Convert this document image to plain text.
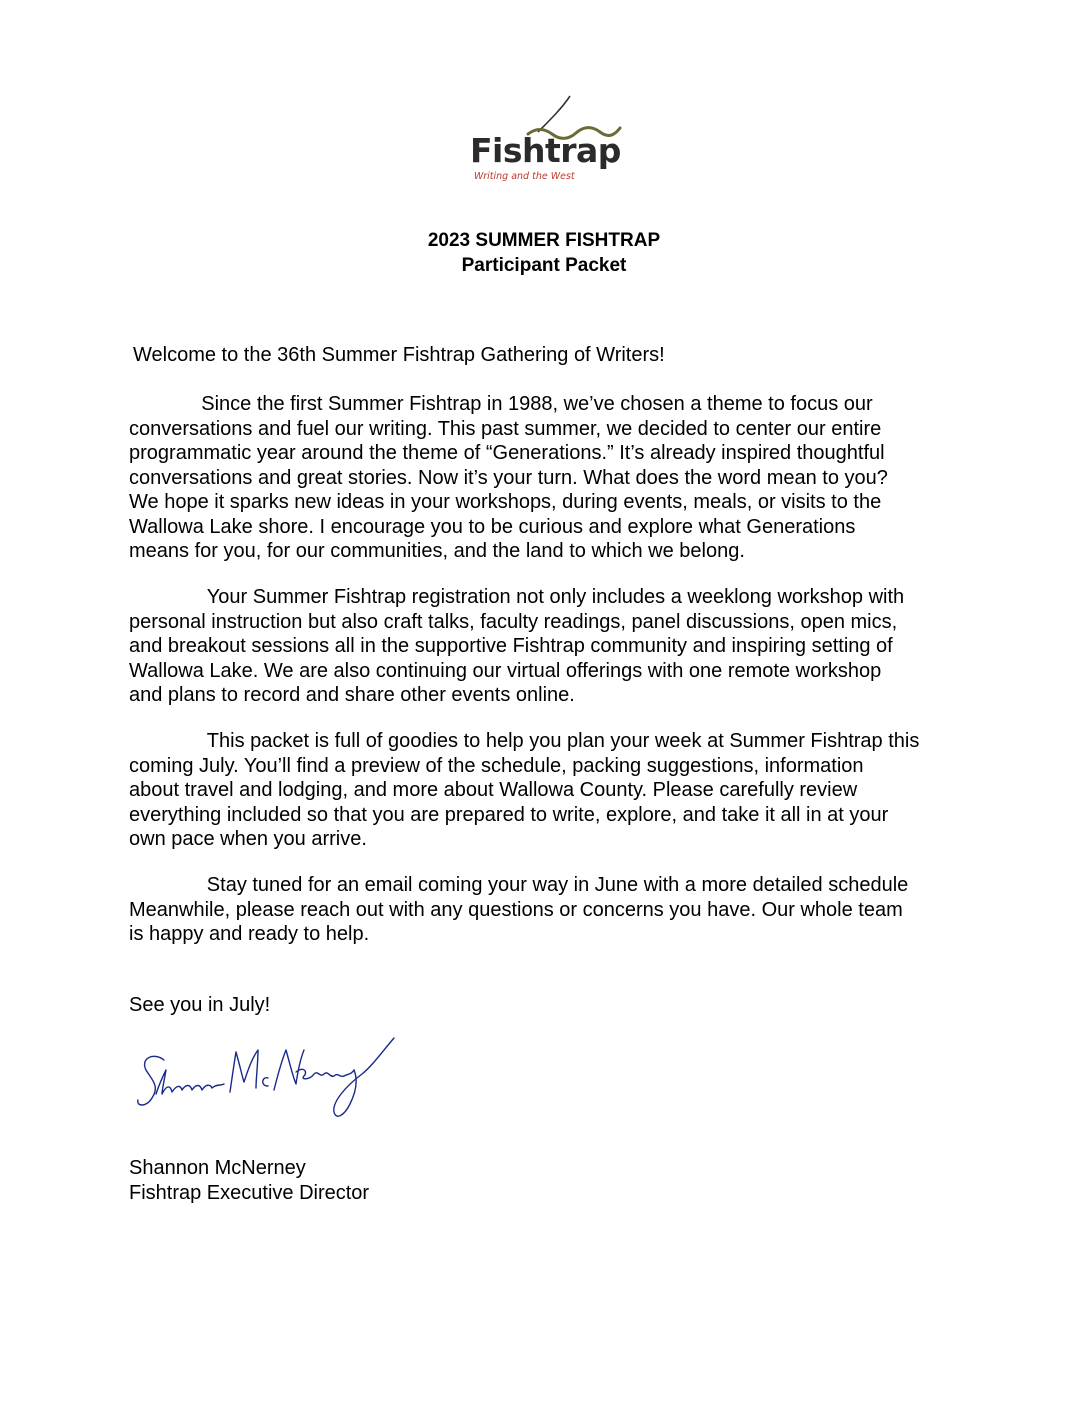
Fishtrap
Writing and the West
2023 SUMMER FISHTRAP
Participant Packet
Welcome to the 36th Summer Fishtrap Gathering of Writers!
Since the first Summer Fishtrap in 1988, we’ve chosen a theme to focus our
conversations and fuel our writing. This past summer, we decided to center our entire
programmatic year around the theme of “Generations.” It’s already inspired thoughtful
conversations and great stories. Now it’s your turn. What does the word mean to you?
We hope it sparks new ideas in your workshops, during events, meals, or visits to the
Wallowa Lake shore. I encourage you to be curious and explore what Generations
means for you, for our communities, and the land to which we belong.
Your Summer Fishtrap registration not only includes a weeklong workshop with
personal instruction but also craft talks, faculty readings, panel discussions, open mics,
and breakout sessions all in the supportive Fishtrap community and inspiring setting of
Wallowa Lake. We are also continuing our virtual offerings with one remote workshop
and plans to record and share other events online.
This packet is full of goodies to help you plan your week at Summer Fishtrap this
coming July. You’ll find a preview of the schedule, packing suggestions, information
about travel and lodging, and more about Wallowa County. Please carefully review
everything included so that you are prepared to write, explore, and take it all in at your
own pace when you arrive.
Stay tuned for an email coming your way in June with a more detailed schedule
Meanwhile, please reach out with any questions or concerns you have. Our whole team
is happy and ready to help.
See you in July!
Shannon McNerney
Fishtrap Executive Director
